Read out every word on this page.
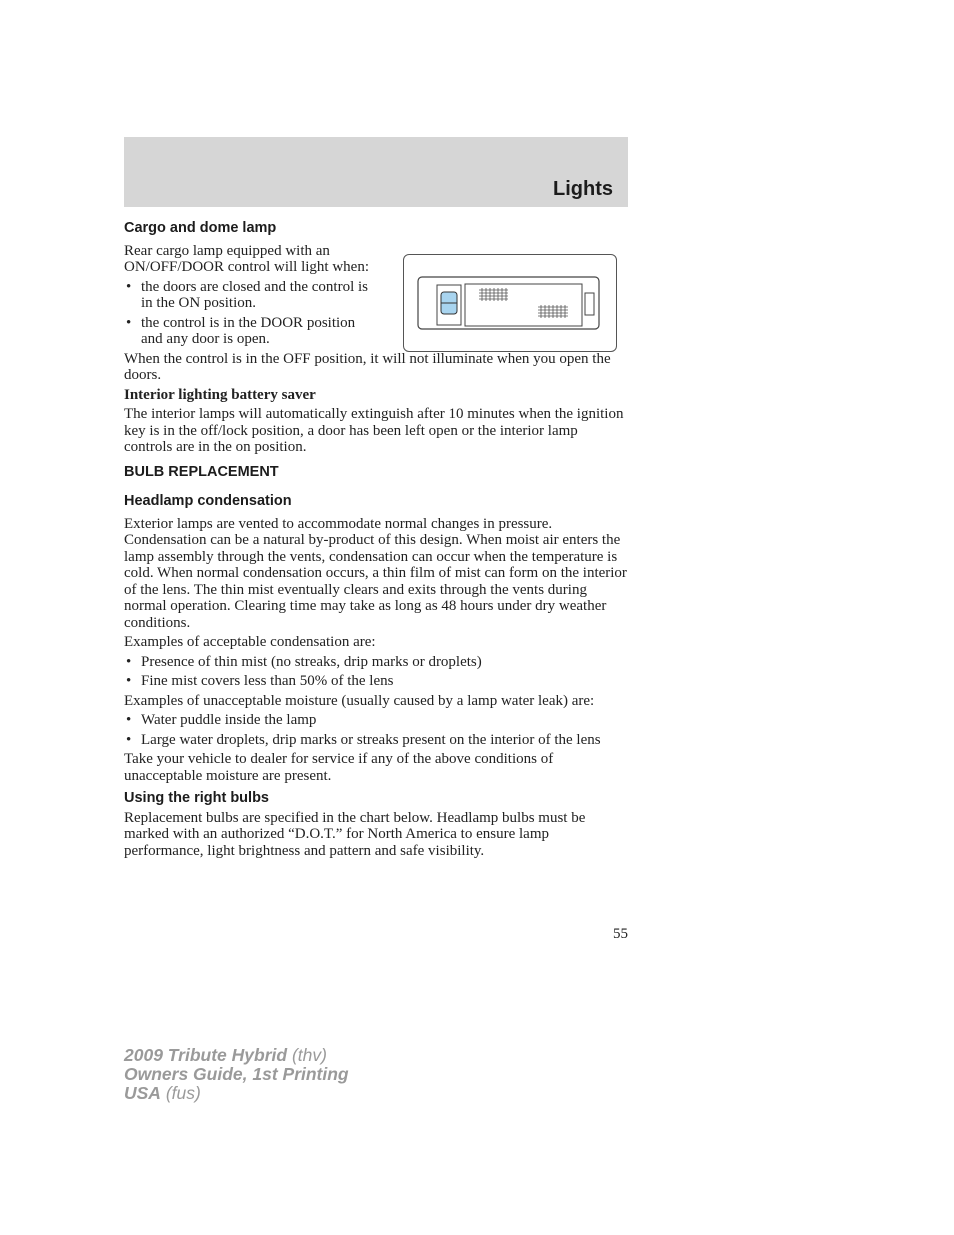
Lights
Cargo and dome lamp

Rear cargo lamp equipped with an ON/OFF/DOOR control will light when:

• the doors are closed and the control is in the ON position.
• the control is in the DOOR position and any door is open.

When the control is in the OFF position, it will not illuminate when you open the doors.

Interior lighting battery saver

The interior lamps will automatically extinguish after 10 minutes when the ignition key is in the off/lock position, a door has been left open or the interior lamp controls are in the on position.

BULB REPLACEMENT
Headlamp condensation

Exterior lamps are vented to accommodate normal changes in pressure. Condensation can be a natural by-product of this design. When moist air enters the lamp assembly through the vents, condensation can occur when the temperature is cold. When normal condensation occurs, a thin film of mist can form on the interior of the lens. The thin mist eventually clears and exits through the vents during normal operation. Clearing time may take as long as 48 hours under dry weather conditions.

Examples of acceptable condensation are:

• Presence of thin mist (no streaks, drip marks or droplets)
• Fine mist covers less than 50% of the lens

Examples of unacceptable moisture (usually caused by a lamp water leak) are:

• Water puddle inside the lamp
• Large water droplets, drip marks or streaks present on the interior of the lens

Take your vehicle to dealer for service if any of the above conditions of unacceptable moisture are present.

Using the right bulbs

Replacement bulbs are specified in the chart below. Headlamp bulbs must be marked with an authorized “D.O.T.” for North America to ensure lamp performance, light brightness and pattern and safe visibility.

55
2009 Tribute Hybrid (thv)
Owners Guide, 1st Printing
USA (fus)
